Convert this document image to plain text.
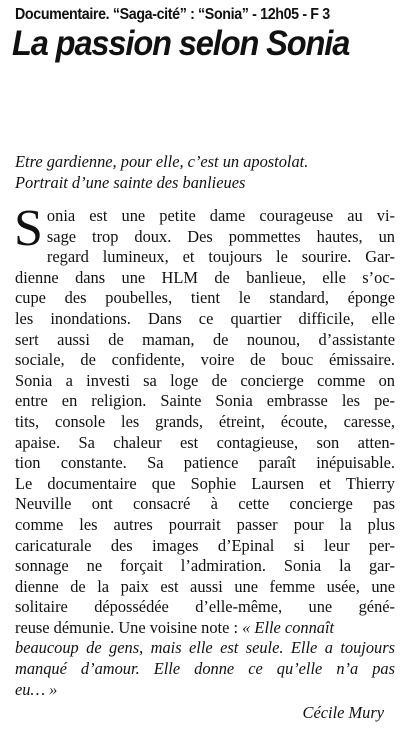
Documentaire. “Saga-cité” : “Sonia” - 12h05 - F 3
La passion selon Sonia
Etre gardienne, pour elle, c’est un apostolat.
Portrait d’une sainte des banlieues
S onia est une petite dame courageuse au vi-
sage trop doux. Des pommettes hautes, un
regard lumineux, et toujours le sourire. Gar-
dienne dans une HLM de banlieue, elle s’oc-
cupe des poubelles, tient le standard, éponge
les inondations. Dans ce quartier difficile, elle
sert aussi de maman, de nounou, d’assistante
sociale, de confidente, voire de bouc émissaire.
Sonia a investi sa loge de concierge comme on
entre en religion. Sainte Sonia embrasse les pe-
tits, console les grands, étreint, écoute, caresse,
apaise. Sa chaleur est contagieuse, son atten-
tion constante. Sa patience paraît inépuisable.
Le documentaire que Sophie Laursen et Thierry
Neuville ont consacré à cette concierge pas
comme les autres pourrait passer pour la plus
caricaturale des images d’Epinal si leur per-
sonnage ne forçait l’admiration. Sonia la gar-
dienne de la paix est aussi une femme usée, une
solitaire dépossédée d’elle-même, une géné-
reuse démunie. Une voisine note : « Elle connaît
beaucoup de gens, mais elle est seule. Elle a toujours
manqué d’amour. Elle donne ce qu’elle n’a pas
eu… »
Cécile Mury
